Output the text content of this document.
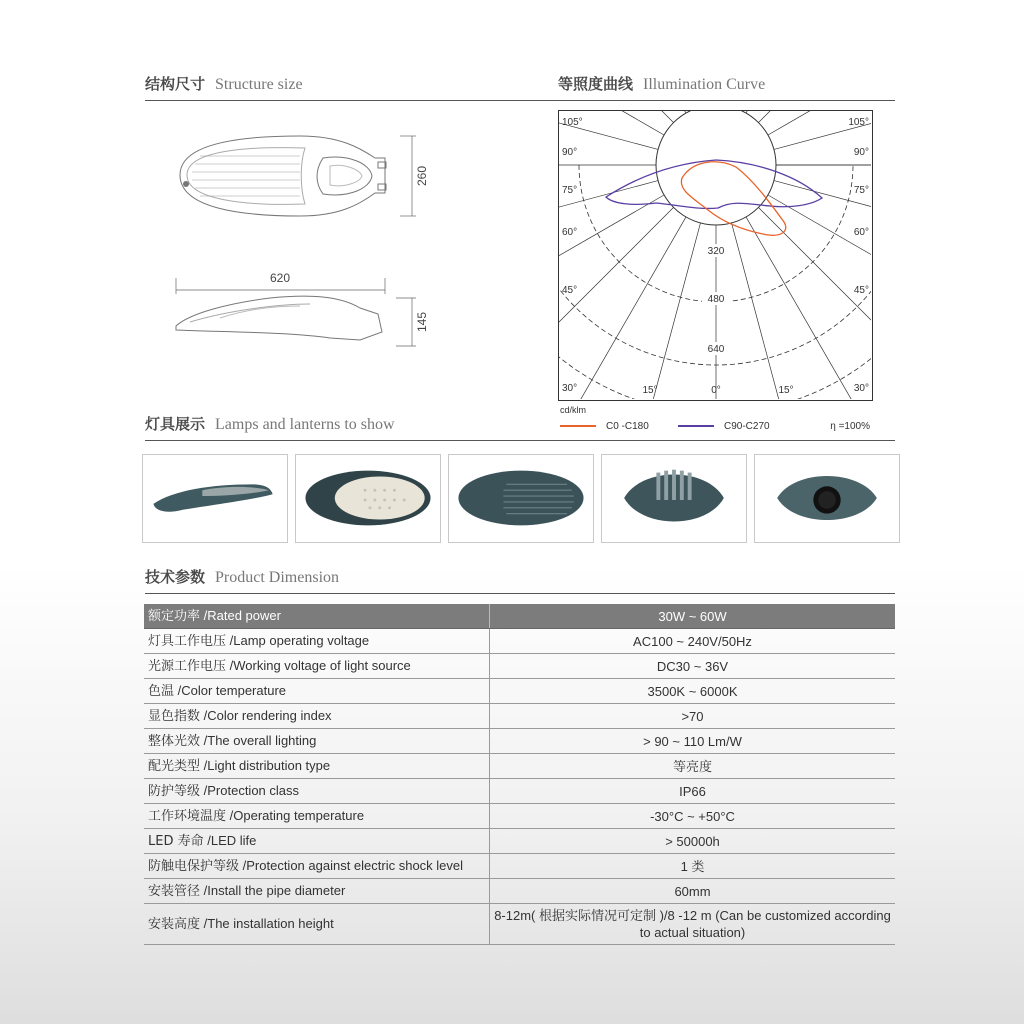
结构尺寸 Structure size	等照度曲线 Illumination Curve
260
620
145
105°	105°
90°	90°
75°	75°
60°	60°
45°	45°
30°	30°
15°	0°	15°
320
480
640
cd/klm
C0 -C180	C90-C270	η =100%
灯具展示 Lamps and lanterns to show
技术参数 Product Dimension
额定功率 /Rated power	30W ~ 60W
灯具工作电压 /Lamp operating voltage	AC100 ~ 240V/50Hz
光源工作电压 /Working voltage of light source	DC30 ~ 36V
色温 /Color temperature	3500K ~ 6000K
显色指数 /Color rendering index	>70
整体光效 /The overall lighting	> 90 ~ 110 Lm/W
配光类型 /Light distribution type	等亮度
防护等级 /Protection class	IP66
工作环境温度 /Operating temperature	-30°C ~ +50°C
LED 寿命 /LED life	> 50000h
防触电保护等级 /Protection against electric shock level	1 类
安装管径 /Install the pipe diameter	60mm
安装高度 /The installation height	8-12m( 根据实际情况可定制 )/8 -12 m (Can be customized according to actual situation)
